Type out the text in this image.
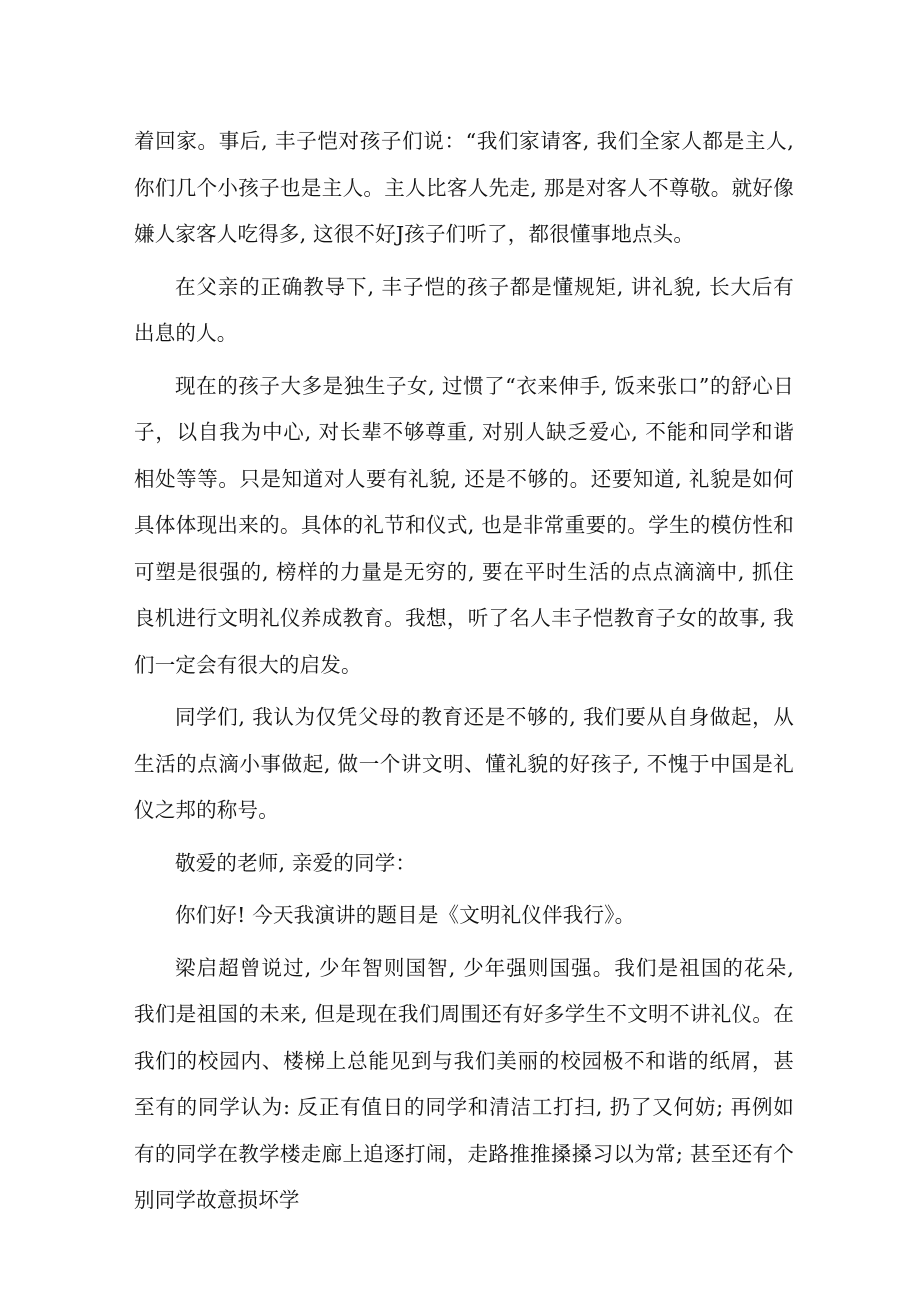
着回家。事后, 丰子恺对孩子们说：“我们家请客, 我们全家人都是主人, 你们几个小孩子也是主人。主人比客人先走, 那是对客人不尊敬。就好像嫌人家客人吃得多, 这很不好J孩子们听了，都很懂事地点头。

在父亲的正确教导下, 丰子恺的孩子都是懂规矩, 讲礼貌, 长大后有出息的人。

现在的孩子大多是独生子女, 过惯了“衣来伸手, 饭来张口”的舒心日子，以自我为中心, 对长辈不够尊重, 对别人缺乏爱心, 不能和同学和谐相处等等。只是知道对人要有礼貌, 还是不够的。还要知道, 礼貌是如何具体体现出来的。具体的礼节和仪式, 也是非常重要的。学生的模仿性和可塑是很强的, 榜样的力量是无穷的, 要在平时生活的点点滴滴中, 抓住良机进行文明礼仪养成教育。我想，听了名人丰子恺教育子女的故事, 我们一定会有很大的启发。

同学们, 我认为仅凭父母的教育还是不够的, 我们要从自身做起，从生活的点滴小事做起, 做一个讲文明、懂礼貌的好孩子, 不愧于中国是礼仪之邦的称号。

敬爱的老师, 亲爱的同学：

你们好! 今天我演讲的题目是《文明礼仪伴我行》。

梁启超曾说过, 少年智则国智, 少年强则国强。我们是祖国的花朵, 我们是祖国的未来, 但是现在我们周围还有好多学生不文明不讲礼仪。在我们的校园内、楼梯上总能见到与我们美丽的校园极不和谐的纸屑，甚至有的同学认为: 反正有值日的同学和清洁工打扫, 扔了又何妨; 再例如有的同学在教学楼走廊上追逐打闹，走路推推搡搡习以为常; 甚至还有个别同学故意损坏学
